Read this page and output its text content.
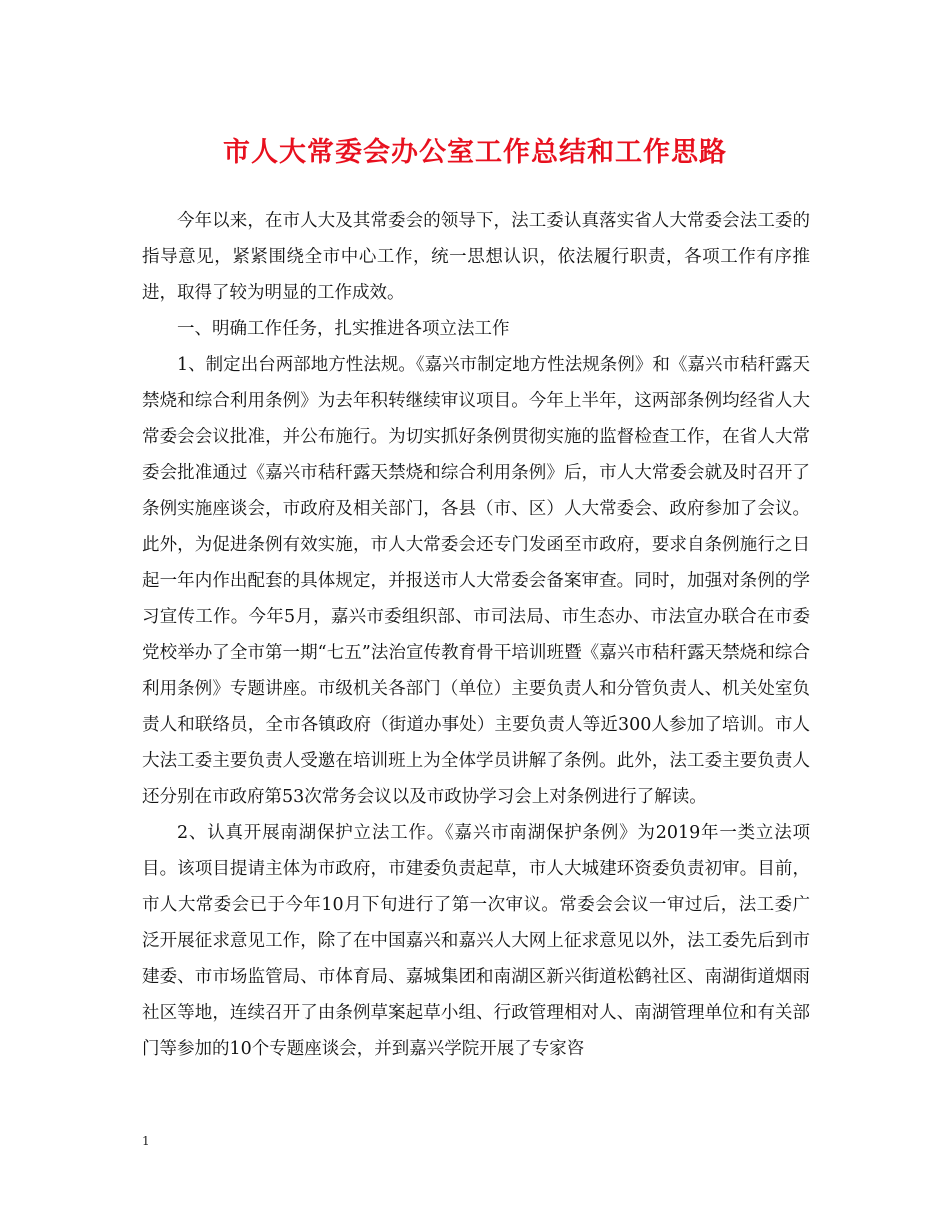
市人大常委会办公室工作总结和工作思路

今年以来，在市人大及其常委会的领导下，法工委认真落实省人大常委会法工委的指导意见，紧紧围绕全市中心工作，统一思想认识，依法履行职责，各项工作有序推进，取得了较为明显的工作成效。

一、明确工作任务，扎实推进各项立法工作

1、制定出台两部地方性法规。《嘉兴市制定地方性法规条例》和《嘉兴市秸秆露天禁烧和综合利用条例》为去年积转继续审议项目。今年上半年，这两部条例均经省人大常委会会议批准，并公布施行。为切实抓好条例贯彻实施的监督检查工作，在省人大常委会批准通过《嘉兴市秸秆露天禁烧和综合利用条例》后，市人大常委会就及时召开了条例实施座谈会，市政府及相关部门，各县（市、区）人大常委会、政府参加了会议。此外，为促进条例有效实施，市人大常委会还专门发函至市政府，要求自条例施行之日起一年内作出配套的具体规定，并报送市人大常委会备案审查。同时，加强对条例的学习宣传工作。今年5月，嘉兴市委组织部、市司法局、市生态办、市法宣办联合在市委党校举办了全市第一期“七五”法治宣传教育骨干培训班暨《嘉兴市秸秆露天禁烧和综合利用条例》专题讲座。市级机关各部门（单位）主要负责人和分管负责人、机关处室负责人和联络员，全市各镇政府（街道办事处）主要负责人等近300人参加了培训。市人大法工委主要负责人受邀在培训班上为全体学员讲解了条例。此外，法工委主要负责人还分别在市政府第53次常务会议以及市政协学习会上对条例进行了解读。

2、认真开展南湖保护立法工作。《嘉兴市南湖保护条例》为2019年一类立法项目。该项目提请主体为市政府，市建委负责起草，市人大城建环资委负责初审。目前，市人大常委会已于今年10月下旬进行了第一次审议。常委会会议一审过后，法工委广泛开展征求意见工作，除了在中国嘉兴和嘉兴人大网上征求意见以外，法工委先后到市建委、市市场监管局、市体育局、嘉城集团和南湖区新兴街道松鹤社区、南湖街道烟雨社区等地，连续召开了由条例草案起草小组、行政管理相对人、南湖管理单位和有关部门等参加的10个专题座谈会，并到嘉兴学院开展了专家咨

1
